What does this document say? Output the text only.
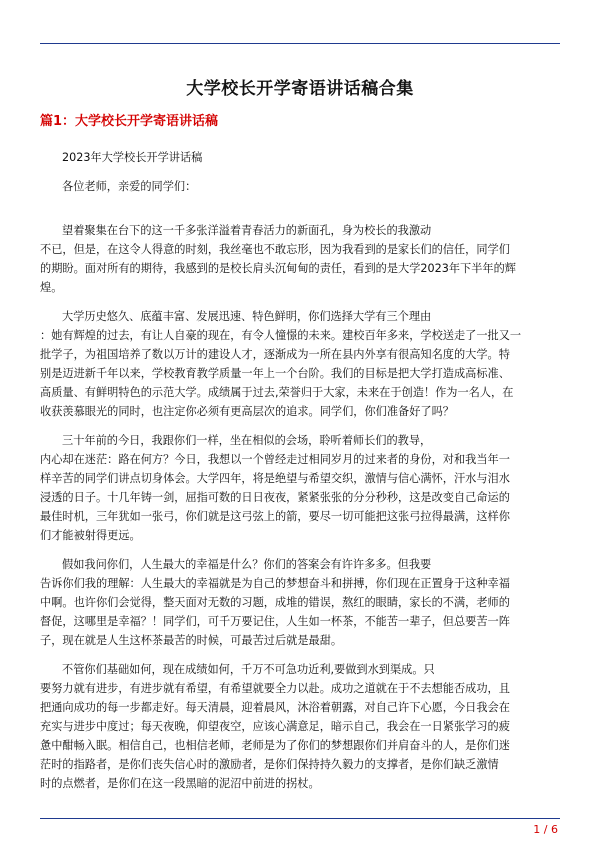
大学校长开学寄语讲话稿合集
篇1：大学校长开学寄语讲话稿

2023年大学校长开学讲话稿

各位老师，亲爱的同学们：

望着聚集在台下的这一千多张洋溢着青春活力的新面孔，身为校长的我激动

不已，但是，在这令人得意的时刻，我丝毫也不敢忘形，因为我看到的是家长们的信任，同学们

的期盼。面对所有的期待，我感到的是校长肩头沉甸甸的责任，看到的是大学2023年下半年的辉

煌。

大学历史悠久、底蕴丰富、发展迅速、特色鲜明，你们选择大学有三个理由

：她有辉煌的过去，有让人自豪的现在，有令人憧憬的未来。建校百年多来，学校送走了一批又一

批学子，为祖国培养了数以万计的建设人才，逐渐成为一所在县内外享有很高知名度的大学。特

别是迈进新千年以来，学校教育教学质量一年上一个台阶。我们的目标是把大学打造成高标准、

高质量、有鲜明特色的示范大学。成绩属于过去,荣誉归于大家，未来在于创造！作为一名人，在

收获羡慕眼光的同时，也注定你必须有更高层次的追求。同学们，你们准备好了吗？

三十年前的今日，我跟你们一样，坐在相似的会场，聆听着师长们的教导，

内心却在迷茫：路在何方？今日，我想以一个曾经走过相同岁月的过来者的身份，对和我当年一

样辛苦的同学们讲点切身体会。大学四年，将是绝望与希望交织，激情与信心满怀，汗水与泪水

浸透的日子。十几年铸一剑，屈指可数的日日夜夜，紧紧张张的分分秒秒，这是改变自己命运的

最佳时机，三年犹如一张弓，你们就是这弓弦上的箭，要尽一切可能把这张弓拉得最满，这样你

们才能被射得更远。

假如我问你们，人生最大的幸福是什么？你们的答案会有许许多多。但我要

告诉你们我的理解：人生最大的幸福就是为自己的梦想奋斗和拼搏，你们现在正置身于这种幸福

中啊。也许你们会觉得，整天面对无数的习题，成堆的错误，熬红的眼睛，家长的不满，老师的

督促，这哪里是幸福？！同学们，可千万要记住，人生如一杯茶，不能苦一辈子，但总要苦一阵

子，现在就是人生这杯茶最苦的时候，可最苦过后就是最甜。

不管你们基础如何，现在成绩如何，千万不可急功近利,要做到水到渠成。只

要努力就有进步，有进步就有希望，有希望就要全力以赴。成功之道就在于不去想能否成功，且

把通向成功的每一步都走好。每天清晨，迎着晨风，沐浴着朝露，对自己许下心愿，今日我会在

充实与进步中度过；每天夜晚，仰望夜空，应该心满意足，暗示自己，我会在一日紧张学习的疲

惫中酣畅入眠。相信自己，也相信老师，老师是为了你们的梦想跟你们并肩奋斗的人，是你们迷

茫时的指路者，是你们丧失信心时的激励者，是你们保持持久毅力的支撑者，是你们缺乏激情

时的点燃者，是你们在这一段黑暗的泥沼中前进的拐杖。

1 / 6
